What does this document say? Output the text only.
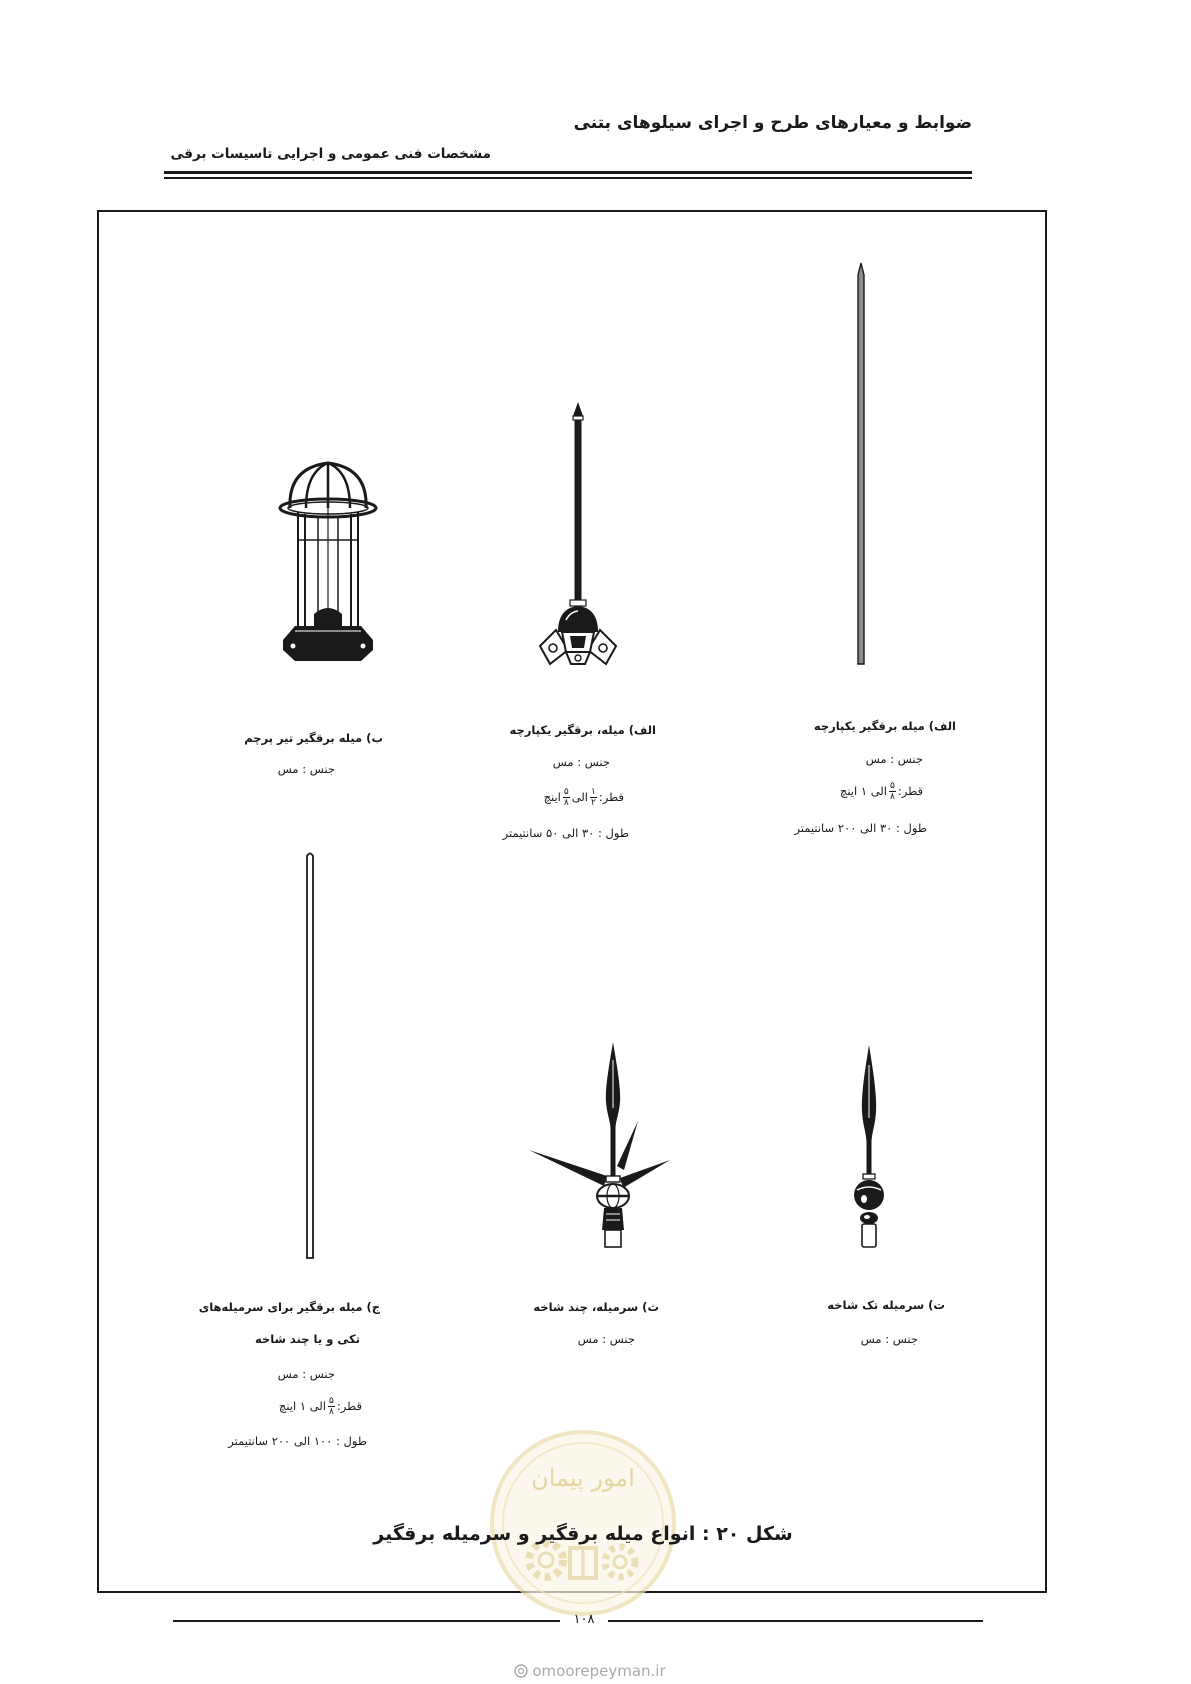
ضوابط و معیارهای طرح و اجرای سیلوهای بتنی
مشخصات فنی عمومی و اجرایی تاسیسات برقی
الف) میله برقگیر یکپارچه
جنس : مس
قطر:
$\frac{۵}{۸}$
الی ۱ اینچ
طول : ۳۰ الی ۲۰۰ سانتیمتر
الف) میله، برقگیر یکپارچه
جنس : مس
قطر:
$\frac{۱}{۲}$
الی
$\frac{۵}{۸}$
اینچ
طول : ۳۰ الی ۵۰ سانتیمتر
ب) میله برقگیر تیر پرچم
جنس : مس
ج) میله برقگیر برای سرمیله‌های
تکی و یا چند شاخه
جنس : مس
قطر:
$\frac{۵}{۸}$
الی ۱ اینچ
طول : ۱۰۰ الی ۲۰۰ سانتیمتر
ث) سرمیله، چند شاخه
جنس : مس
ت) سرمیله تک شاخه
جنس : مس
امور پیمان
شکل ۲۰ : انواع میله برقگیر و سرمیله برقگیر
۱۰۸
omoorepeyman.ir
